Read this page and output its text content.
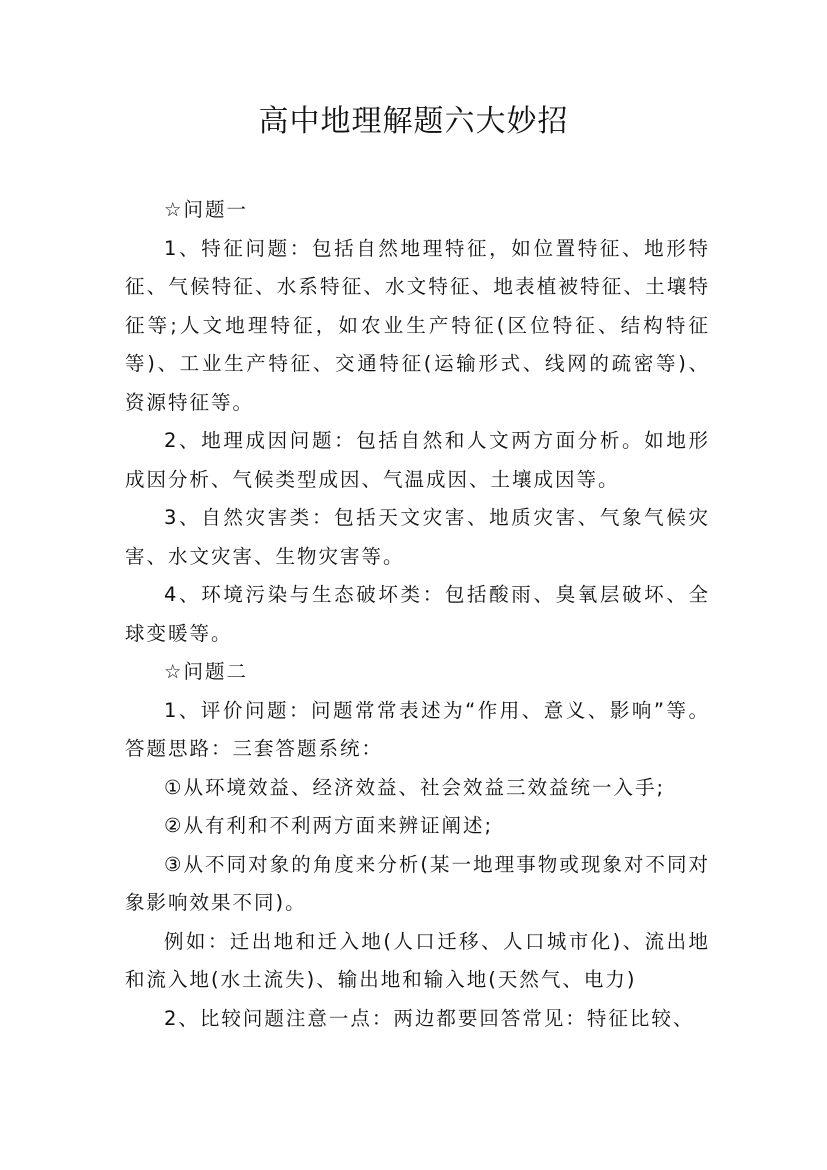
高中地理解题六大妙招

☆问题一

1、特征问题：包括自然地理特征，如位置特征、地形特征、气候特征、水系特征、水文特征、地表植被特征、土壤特征等;人文地理特征，如农业生产特征(区位特征、结构特征等)、工业生产特征、交通特征(运输形式、线网的疏密等)、资源特征等。

2、地理成因问题：包括自然和人文两方面分析。如地形成因分析、气候类型成因、气温成因、土壤成因等。

3、自然灾害类：包括天文灾害、地质灾害、气象气候灾害、水文灾害、生物灾害等。

4、环境污染与生态破坏类：包括酸雨、臭氧层破坏、全球变暖等。

☆问题二

1、评价问题：问题常常表述为“作用、意义、影响”等。答题思路：三套答题系统：

①从环境效益、经济效益、社会效益三效益统一入手;

②从有利和不利两方面来辨证阐述;

③从不同对象的角度来分析(某一地理事物或现象对不同对象影响效果不同)。

例如：迁出地和迁入地(人口迁移、人口城市化)、流出地和流入地(水土流失)、输出地和输入地(天然气、电力)

2、比较问题注意一点：两边都要回答常见：特征比较、
